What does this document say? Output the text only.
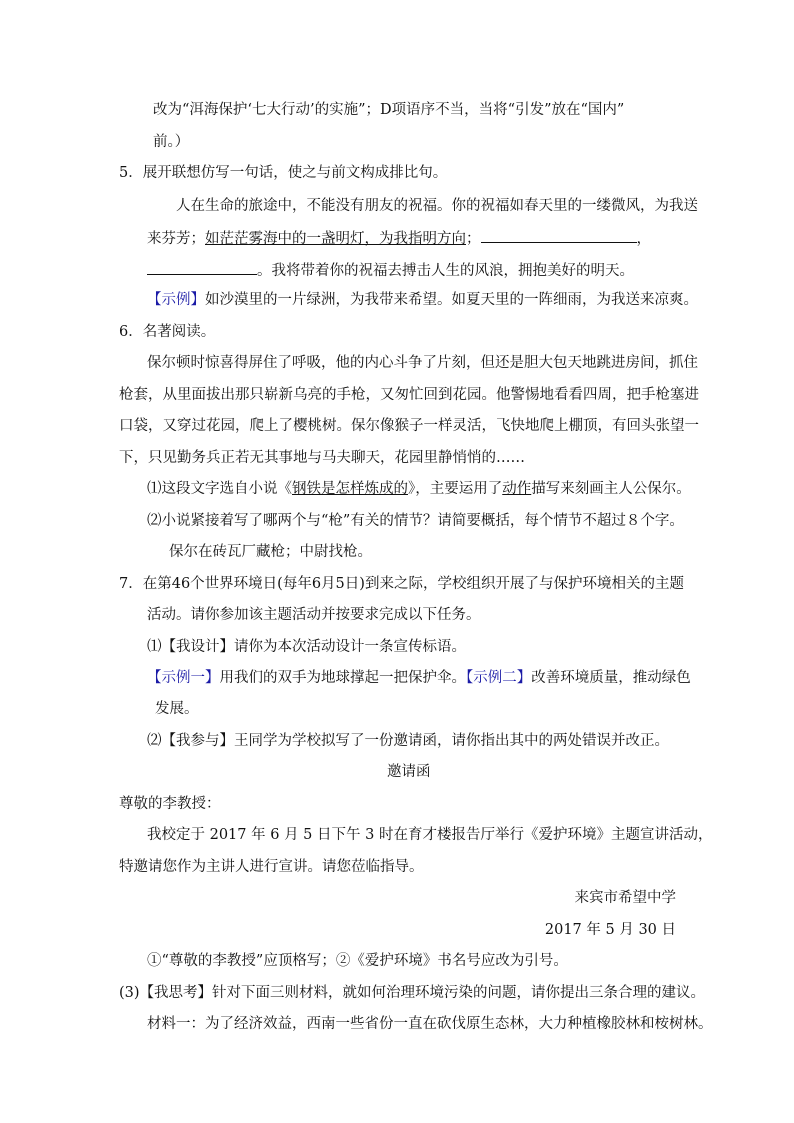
改为“洱海保护‘七大行动’的实施”；D项语序不当，当将“引发”放在“国内”
前。）
5．展开联想仿写一句话，使之与前文构成排比句。
人在生命的旅途中，不能没有朋友的祝福。你的祝福如春天里的一缕微风，为我送
来芬芳；如茫茫雾海中的一盏明灯，为我指明方向；	，
。我将带着你的祝福去搏击人生的风浪，拥抱美好的明天。
【示例】如沙漠里的一片绿洲，为我带来希望。如夏天里的一阵细雨，为我送来凉爽。
6．名著阅读。
保尔顿时惊喜得屏住了呼吸，他的内心斗争了片刻，但还是胆大包天地跳进房间，抓住
枪套，从里面拔出那只崭新乌亮的手枪，又匆忙回到花园。他警惕地看看四周，把手枪塞进
口袋，又穿过花园，爬上了樱桃树。保尔像猴子一样灵活，飞快地爬上棚顶，有回头张望一
下，只见勤务兵正若无其事地与马夫聊天，花园里静悄悄的……
⑴这段文字选自小说《钢铁是怎样炼成的》，主要运用了动作描写来刻画主人公保尔。
⑵小说紧接着写了哪两个与“枪”有关的情节？请简要概括，每个情节不超过８个字。
保尔在砖瓦厂藏枪；中尉找枪。
7．在第46个世界环境日(每年6月5日)到来之际，学校组织开展了与保护环境相关的主题
活动。请你参加该主题活动并按要求完成以下任务。
⑴【我设计】请你为本次活动设计一条宣传标语。
【示例一】用我们的双手为地球撑起一把保护伞。【示例二】改善环境质量，推动绿色
发展。
⑵【我参与】王同学为学校拟写了一份邀请函，请你指出其中的两处错误并改正。
邀请函
尊敬的李教授：
我校定于 2017 年 6 月 5 日下午 3 时在育才楼报告厅举行《爱护环境》主题宣讲活动，
特邀请您作为主讲人进行宣讲。请您莅临指导。
来宾市希望中学
2017 年 5 月 30 日
①“尊敬的李教授”应顶格写；②《爱护环境》书名号应改为引号。
(3)【我思考】针对下面三则材料，就如何治理环境污染的问题，请你提出三条合理的建议。
材料一：为了经济效益，西南一些省份一直在砍伐原生态林，大力种植橡胶林和桉树林。
